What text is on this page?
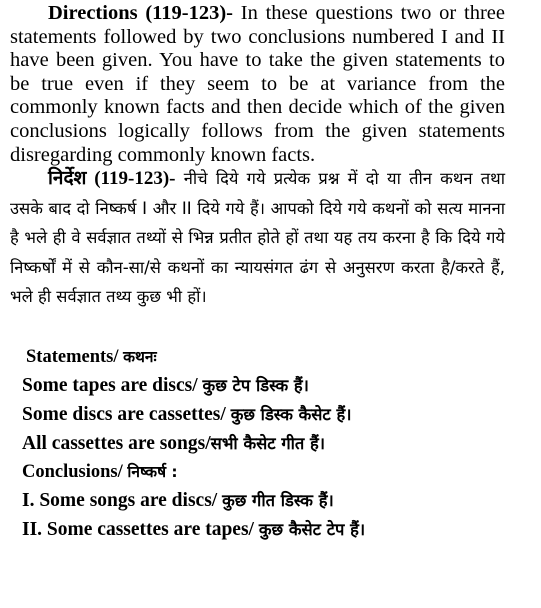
Directions (119-123)- In these questions two or three statements followed by two conclusions numbered I and II have been given. You have to take the given statements to be true even if they seem to be at variance from the commonly known facts and then decide which of the given conclusions logically follows from the given statements disregarding commonly known facts.

निर्देश (119-123)- नीचे दिये गये प्रत्येक प्रश्न में दो या तीन कथन तथा उसके बाद दो निष्कर्ष I और II दिये गये हैं। आपको दिये गये कथनों को सत्य मानना है भले ही वे सर्वज्ञात तथ्यों से भिन्न प्रतीत होते हों तथा यह तय करना है कि दिये गये निष्कर्षों में से कौन-सा/से कथनों का न्यायसंगत ढंग से अनुसरण करता है/करते हैं, भले ही सर्वज्ञात तथ्य कुछ भी हों।

Statements/ कथनः
Some tapes are discs/ कुछ टेप डिस्क हैं।
Some discs are cassettes/ कुछ डिस्क कैसेट हैं।
All cassettes are songs/सभी कैसेट गीत हैं।
Conclusions/ निष्कर्ष :
I. Some songs are discs/ कुछ गीत डिस्क हैं।
II. Some cassettes are tapes/ कुछ कैसेट टेप हैं।
